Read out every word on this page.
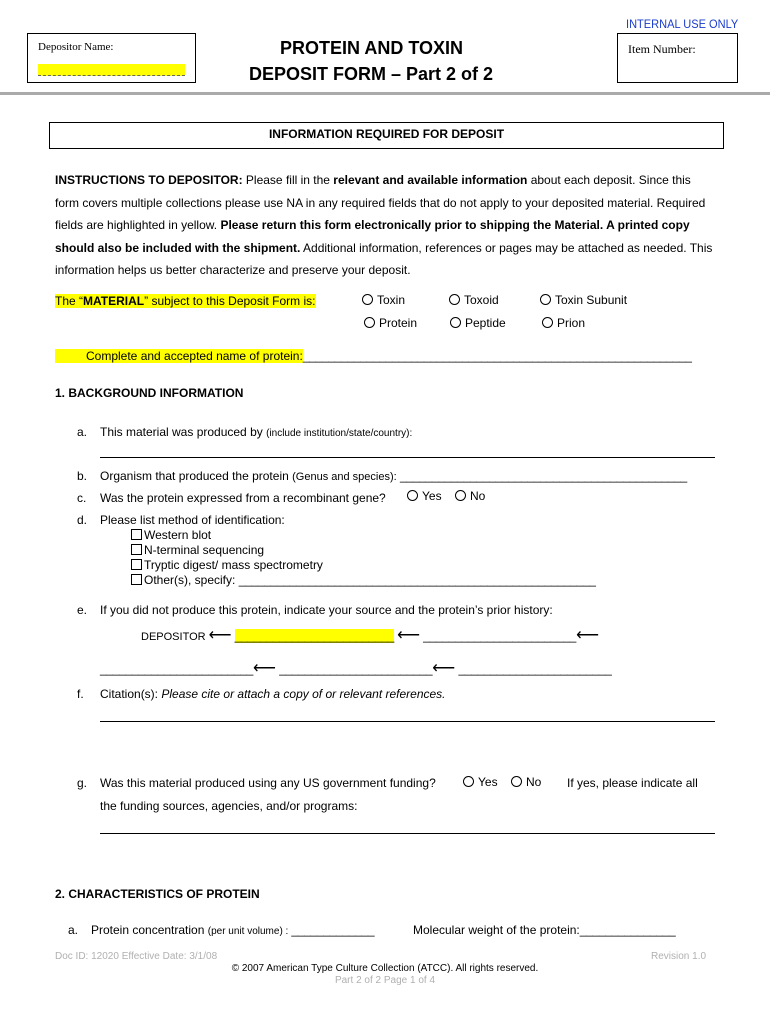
INTERNAL USE ONLY
Depositor Name:	PROTEIN AND TOXIN
DEPOSIT FORM – Part 2 of 2
Item Number:
INFORMATION REQUIRED FOR DEPOSIT
INSTRUCTIONS TO DEPOSITOR: Please fill in the relevant and available information about each deposit. Since this form covers multiple collections please use NA in any required fields that do not apply to your deposited material. Required fields are highlighted in yellow. Please return this form electronically prior to shipping the Material. A printed copy should also be included with the shipment. Additional information, references or pages may be attached as needed. This information helps us better characterize and preserve your deposit.
The “MATERIAL” subject to this Deposit Form is:	Toxin	Toxoid	Toxin Subunit
Protein	Peptide	Prion
Complete and accepted name of protein:_____________________________________________________________
1. BACKGROUND INFORMATION
a. This material was produced by (include institution/state/country):
b. Organism that produced the protein (Genus and species): _____________________________________________
c. Was the protein expressed from a recombinant gene?	Yes	No
d. Please list method of identification:
Western blot
N-terminal sequencing
Tryptic digest/ mass spectrometry
Other(s), specify: ________________________________________________________
e. If you did not produce this protein, indicate your source and the protein’s prior history:
DEPOSITOR ⟵ _________________________ ⟵ ________________________⟵
________________________⟵ ________________________⟵ ________________________
f. Citation(s): Please cite or attach a copy of or relevant references.
g. Was this material produced using any US government funding?	Yes	No If yes, please indicate all
the funding sources, agencies, and/or programs:
2. CHARACTERISTICS OF PROTEIN
a. Protein concentration (per unit volume) : _____________	Molecular weight of the protein:_______________
Doc ID: 12020 Effective Date: 3/1/08	Revision 1.0
© 2007 American Type Culture Collection (ATCC). All rights reserved.
Part 2 of 2 Page 1 of 4
